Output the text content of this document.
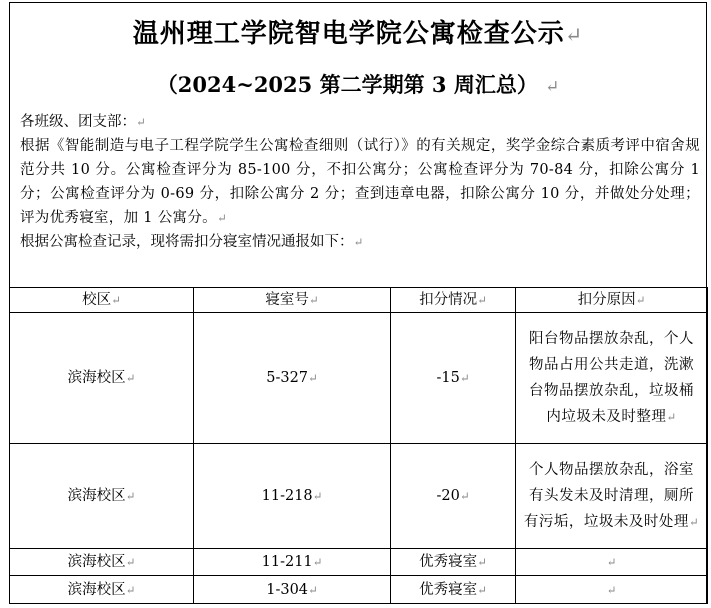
温州理工学院智电学院公寓检查公示↵
（2024~2025 第二学期第 3 周汇总） ↵

各班级、团支部：↵

根据《智能制造与电子工程学院学生公寓检查细则（试行）》的有关规定，奖学金综合素质考评中宿舍规范分共 10 分。公寓检查评分为 85-100 分，不扣公寓分；公寓检查评分为 70-84 分，扣除公寓分 1 分；公寓检查评分为 0-69 分，扣除公寓分 2 分；查到违章电器，扣除公寓分 10 分，并做处分处理；评为优秀寝室，加 1 公寓分。↵

根据公寓检查记录，现将需扣分寝室情况通报如下：↵

校区↵	寝室号↵	扣分情况↵	扣分原因↵
滨海校区↵	5-327↵	-15↵	阳台物品摆放杂乱，个人物品占用公共走道，洗漱台物品摆放杂乱，垃圾桶内垃圾未及时整理↵
滨海校区↵	11-218↵	-20↵	个人物品摆放杂乱，浴室有头发未及时清理，厕所有污垢，垃圾未及时处理↵
滨海校区↵	11-211↵	优秀寝室↵	↵
滨海校区↵	1-304↵	优秀寝室↵	↵
